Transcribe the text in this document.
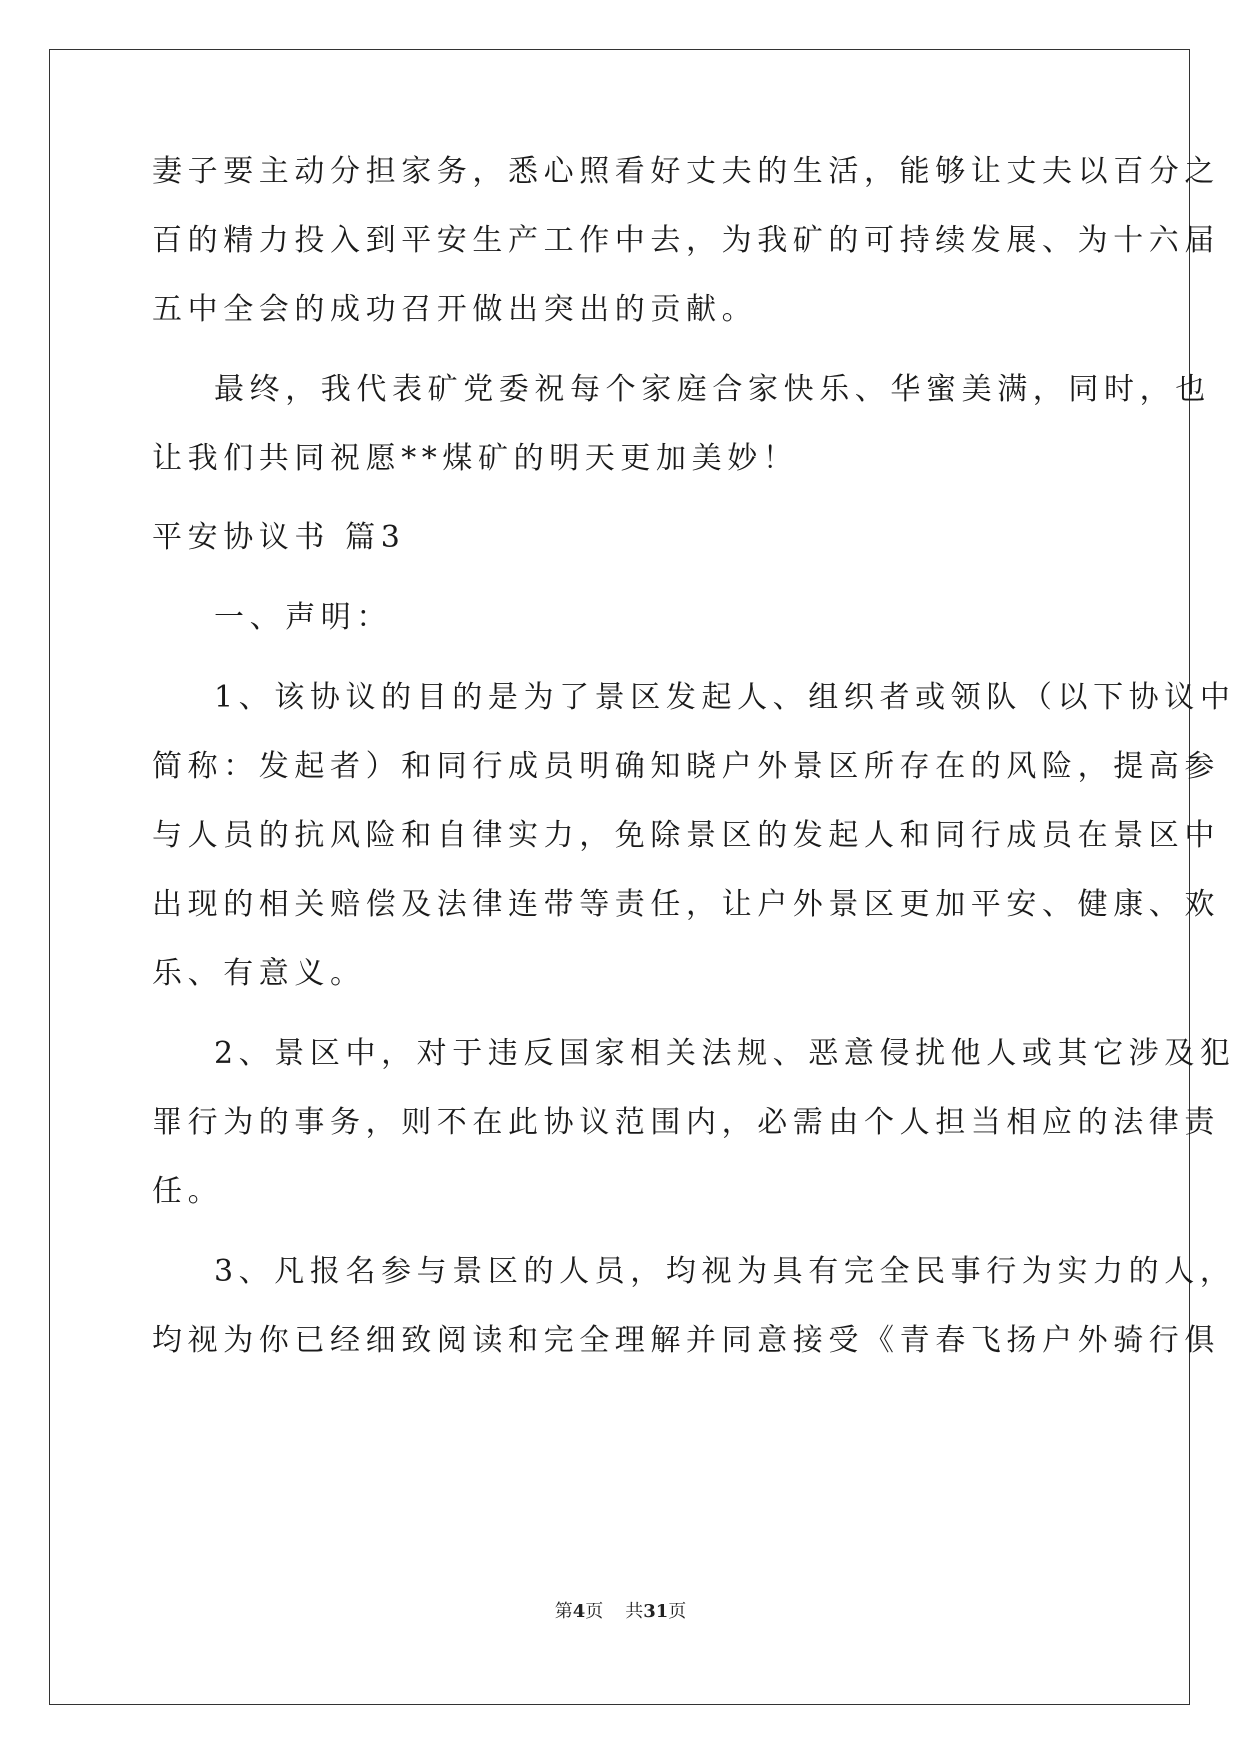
妻子要主动分担家务，悉心照看好丈夫的生活，能够让丈夫以百分之
百的精力投入到平安生产工作中去，为我矿的可持续发展、为十六届
五中全会的成功召开做出突出的贡献。
最终，我代表矿党委祝每个家庭合家快乐、华蜜美满，同时，也
让我们共同祝愿**煤矿的明天更加美妙！
平安协议书 篇3
一、声明：
1、该协议的目的是为了景区发起人、组织者或领队（以下协议中
简称：发起者）和同行成员明确知晓户外景区所存在的风险，提高参
与人员的抗风险和自律实力，免除景区的发起人和同行成员在景区中
出现的相关赔偿及法律连带等责任，让户外景区更加平安、健康、欢
乐、有意义。
2、景区中，对于违反国家相关法规、恶意侵扰他人或其它涉及犯
罪行为的事务，则不在此协议范围内，必需由个人担当相应的法律责
任。
3、凡报名参与景区的人员，均视为具有完全民事行为实力的人，
均视为你已经细致阅读和完全理解并同意接受《青春飞扬户外骑行俱
第4页 共31页
